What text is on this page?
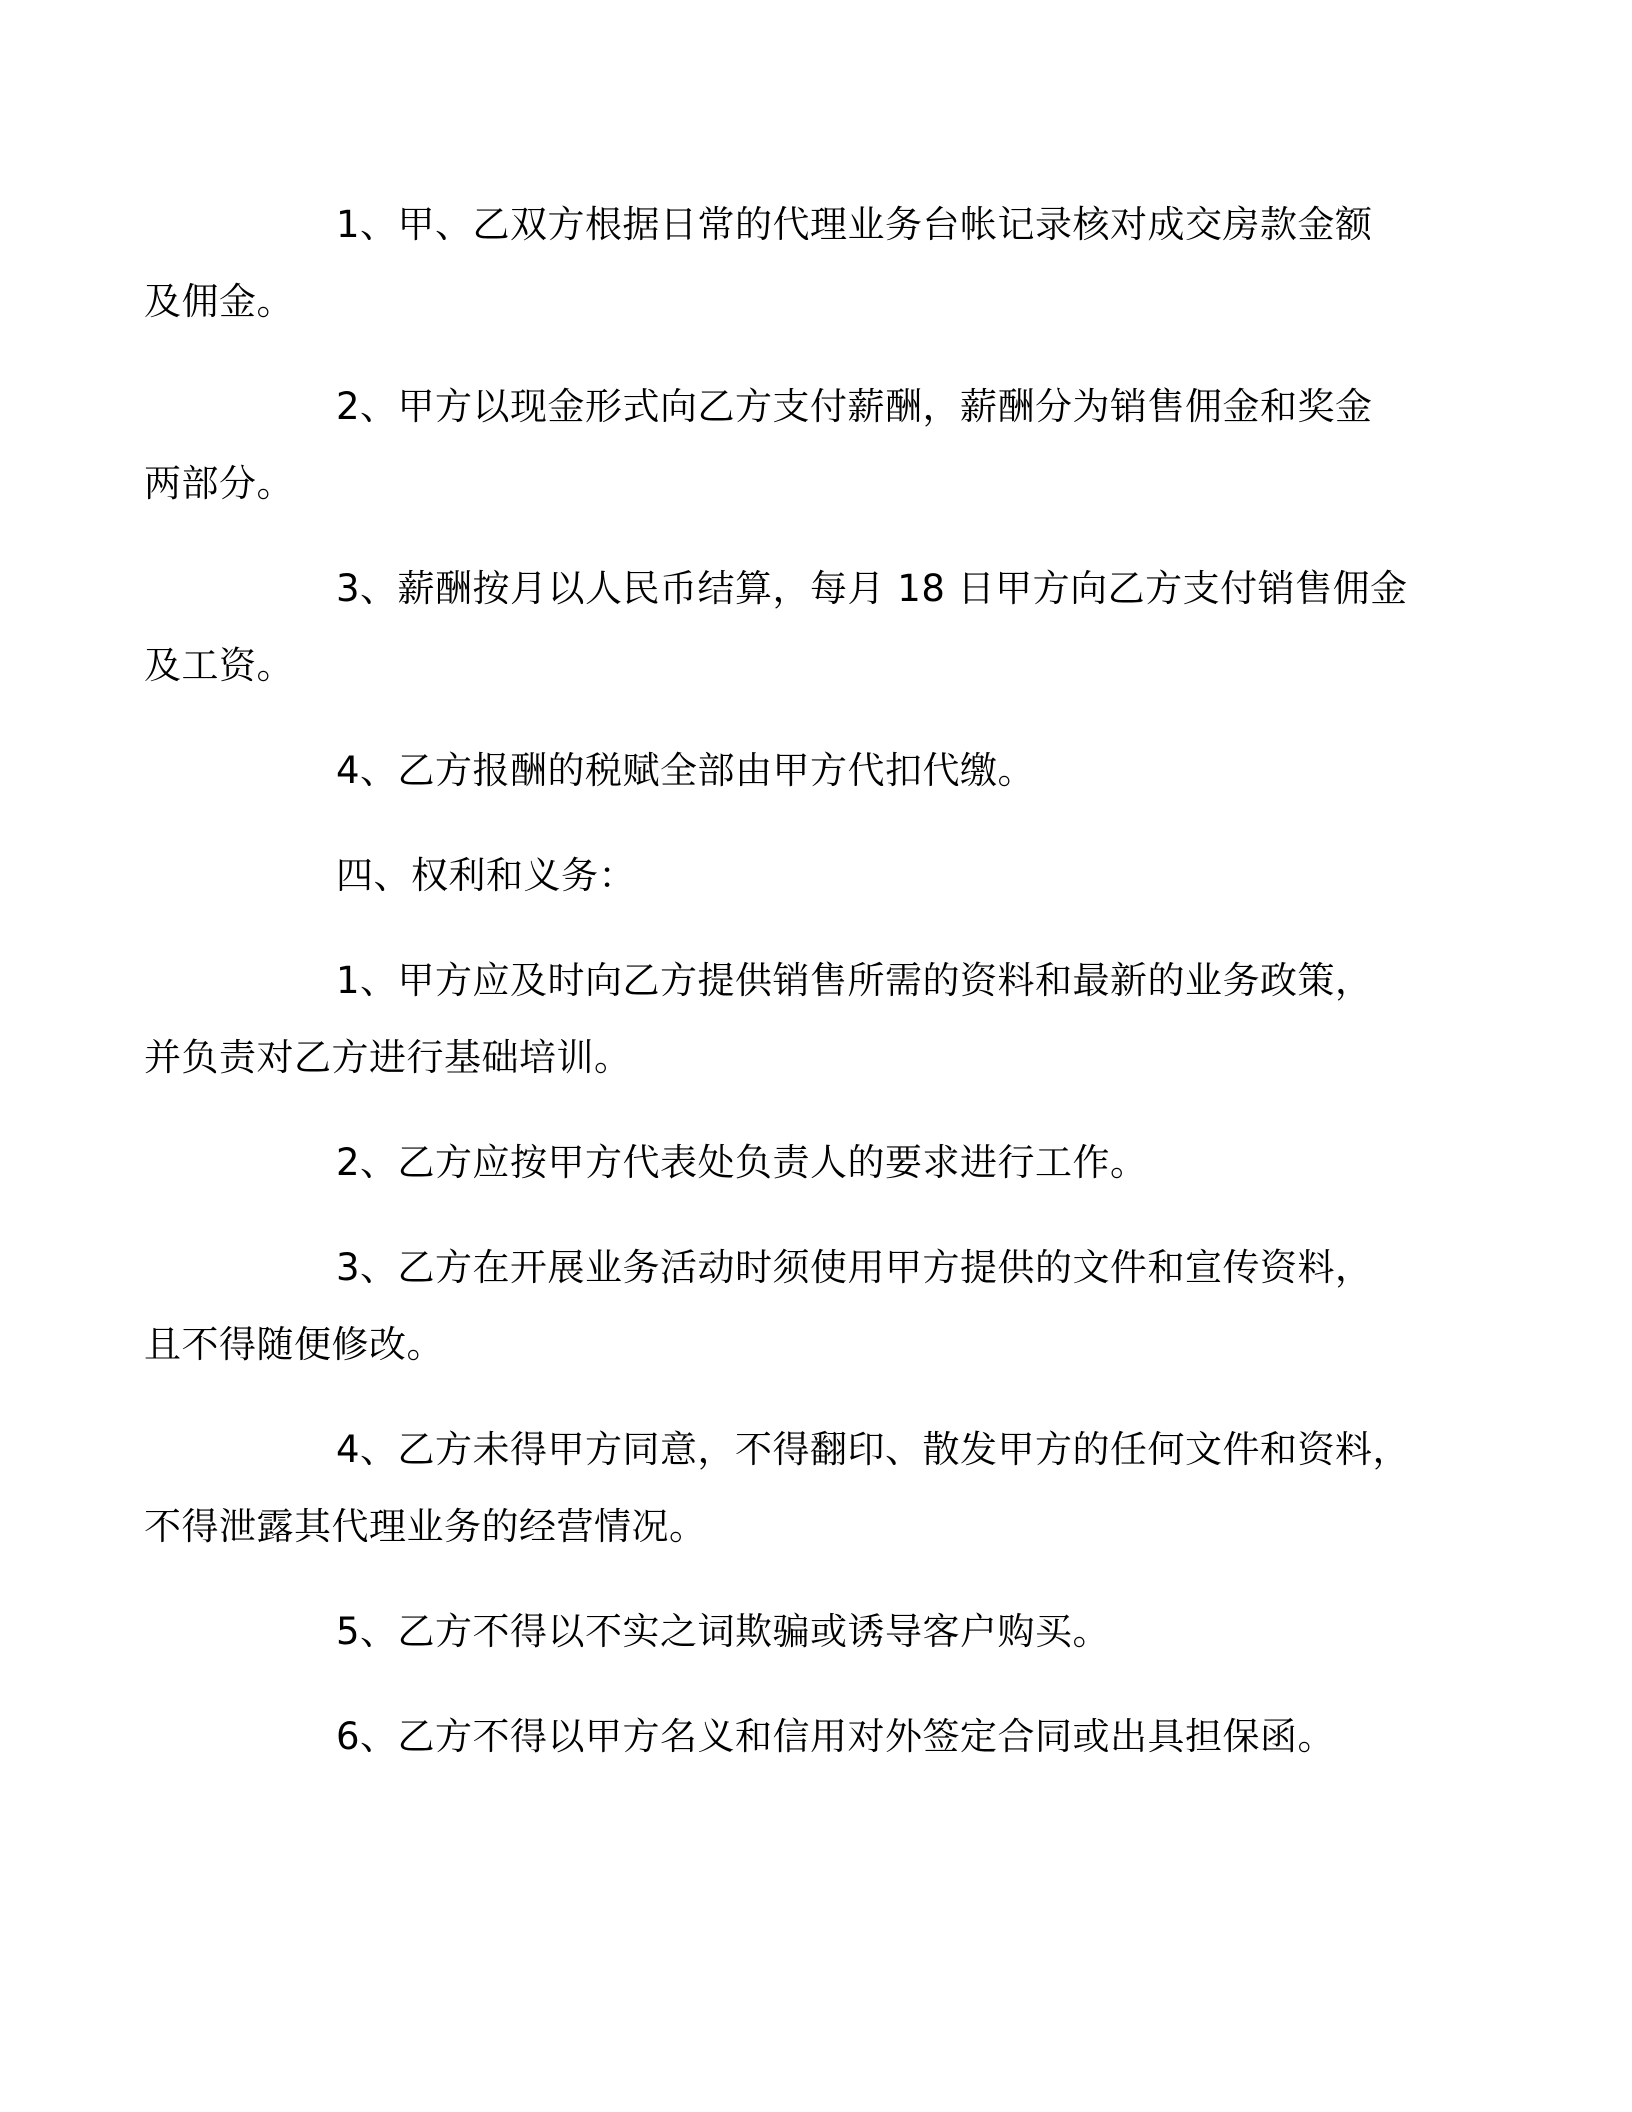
1、甲、乙双方根据日常的代理业务台帐记录核对成交房款金额
及佣金。

2、甲方以现金形式向乙方支付薪酬，薪酬分为销售佣金和奖金
两部分。

3、薪酬按月以人民币结算，每月 18 日甲方向乙方支付销售佣金
及工资。

4、乙方报酬的税赋全部由甲方代扣代缴。

四、权利和义务：

1、甲方应及时向乙方提供销售所需的资料和最新的业务政策，
并负责对乙方进行基础培训。

2、乙方应按甲方代表处负责人的要求进行工作。

3、乙方在开展业务活动时须使用甲方提供的文件和宣传资料，
且不得随便修改。

4、乙方未得甲方同意，不得翻印、散发甲方的任何文件和资料，
不得泄露其代理业务的经营情况。

5、乙方不得以不实之词欺骗或诱导客户购买。

6、乙方不得以甲方名义和信用对外签定合同或出具担保函。
